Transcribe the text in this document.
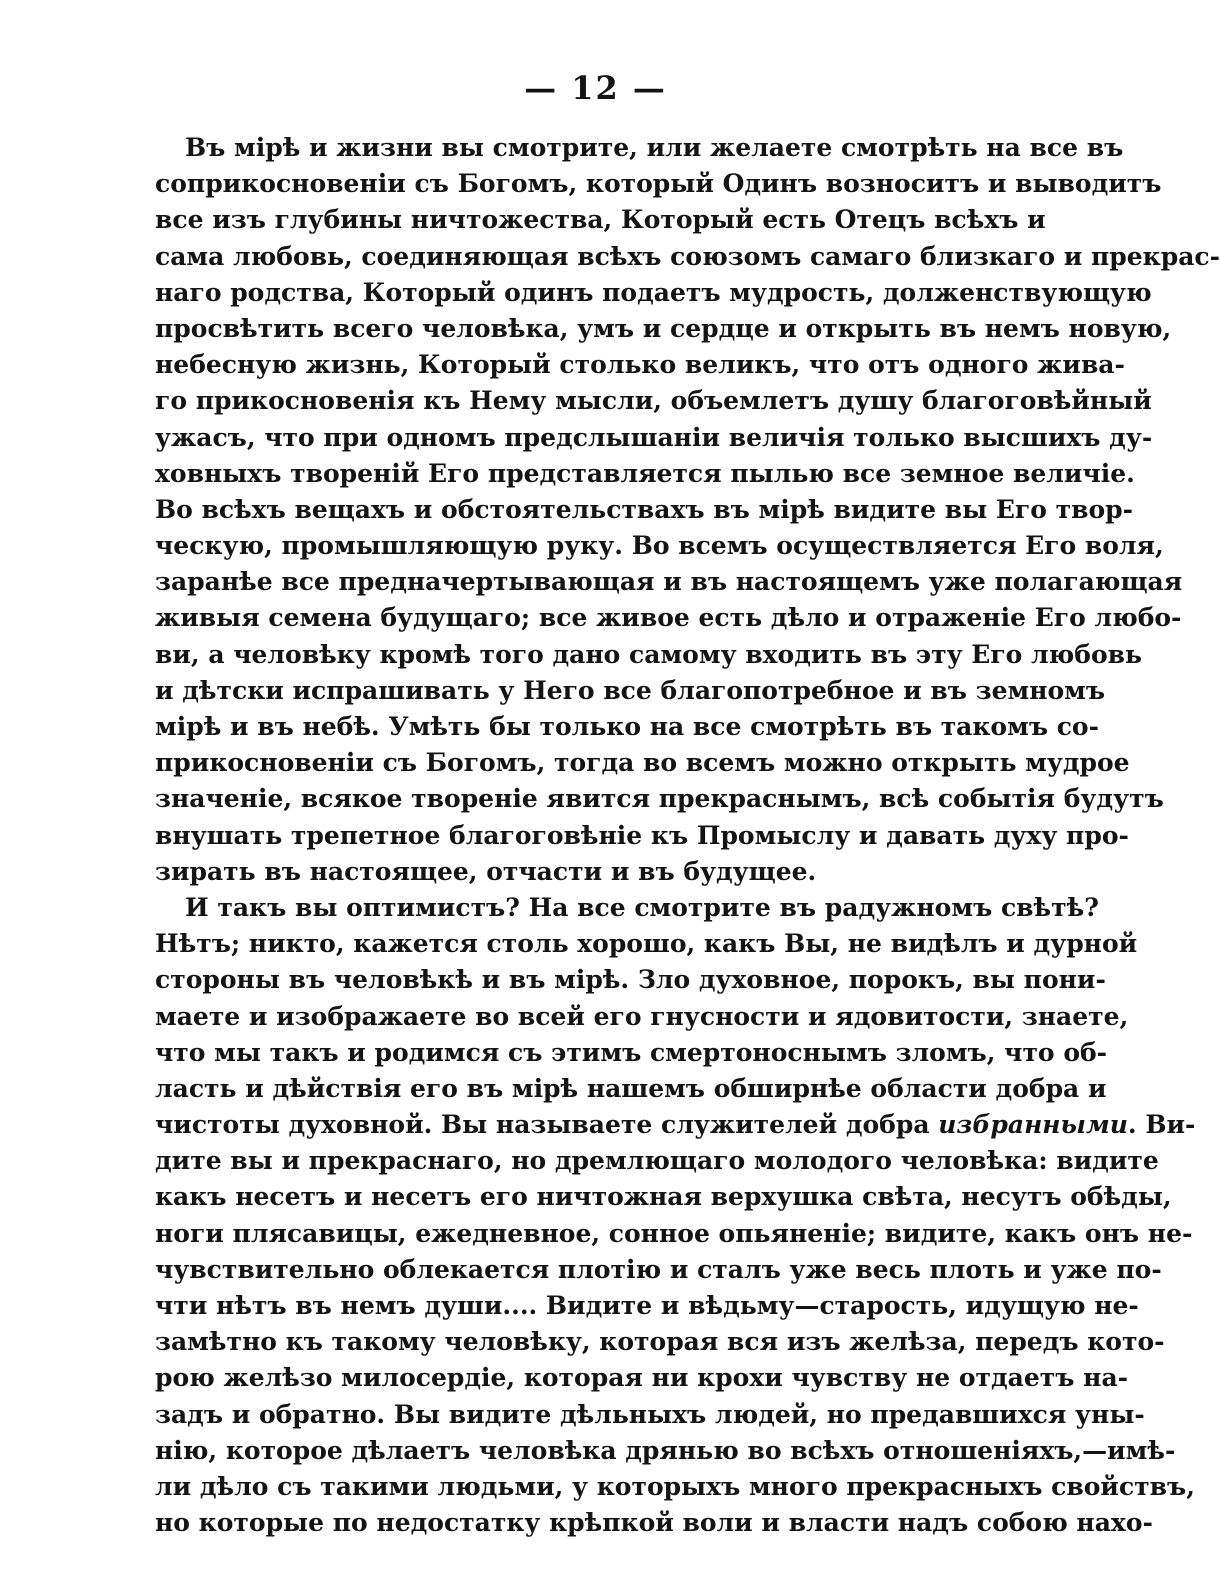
— 12 —
Въ мірѣ и жизни вы смотрите, или желаете смотрѣть на все въ
соприкосновеніи съ Богомъ, который Одинъ возноситъ и выводитъ
все изъ глубины ничтожества, Который есть Отецъ всѣхъ и
сама любовь, соединяющая всѣхъ союзомъ самаго близкаго и прекрас-
наго родства, Который одинъ подаетъ мудрость, долженствующую
просвѣтить всего человѣка, умъ и сердце и открыть въ немъ новую,
небесную жизнь, Который столько великъ, что отъ одного жива-
го прикосновенія къ Нему мысли, объемлетъ душу благоговѣйный
ужасъ, что при одномъ предслышаніи величія только высшихъ ду-
ховныхъ твореній Его представляется пылью все земное величіе.
Во всѣхъ вещахъ и обстоятельствахъ въ мірѣ видите вы Его твор-
ческую, промышляющую руку. Во всемъ осуществляется Его воля,
заранѣе все предначертывающая и въ настоящемъ уже полагающая
живыя семена будущаго; все живое есть дѣло и отраженіе Его любо-
ви, а человѣку кромѣ того дано самому входить въ эту Его любовь
и дѣтски испрашивать у Него все благопотребное и въ земномъ
мірѣ и въ небѣ. Умѣть бы только на все смотрѣть въ такомъ со-
прикосновеніи съ Богомъ, тогда во всемъ можно открыть мудрое
значеніе, всякое твореніе явится прекраснымъ, всѣ событія будутъ
внушать трепетное благоговѣніе къ Промыслу и давать духу про-
зирать въ настоящее, отчасти и въ будущее.
И такъ вы оптимистъ? На все смотрите въ радужномъ свѣтѣ?
Нѣтъ; никто, кажется столь хорошо, какъ Вы, не видѣлъ и дурной
стороны въ человѣкѣ и въ мірѣ. Зло духовное, порокъ, вы пони-
маете и изображаете во всей его гнусности и ядовитости, знаете,
что мы такъ и родимся съ этимъ смертоноснымъ зломъ, что об-
ласть и дѣйствія его въ мірѣ нашемъ обширнѣе области добра и
чистоты духовной. Вы называете служителей добра избранными. Ви-
дите вы и прекраснаго, но дремлющаго молодого человѣка: видите
какъ несетъ и несетъ его ничтожная верхушка свѣта, несутъ обѣды,
ноги плясавицы, ежедневное, сонное опьяненіе; видите, какъ онъ не-
чувствительно облекается плотію и сталъ уже весь плоть и уже по-
чти нѣтъ въ немъ души.... Видите и вѣдьму—старость, идущую не-
замѣтно къ такому человѣку, которая вся изъ желѣза, передъ кото-
рою желѣзо милосердіе, которая ни крохи чувству не отдаетъ на-
задъ и обратно. Вы видите дѣльныхъ людей, но предавшихся уны-
нію, которое дѣлаетъ человѣка дрянью во всѣхъ отношеніяхъ,—имѣ-
ли дѣло съ такими людьми, у которыхъ много прекрасныхъ свойствъ,
но которые по недостатку крѣпкой воли и власти надъ собою нахо-
